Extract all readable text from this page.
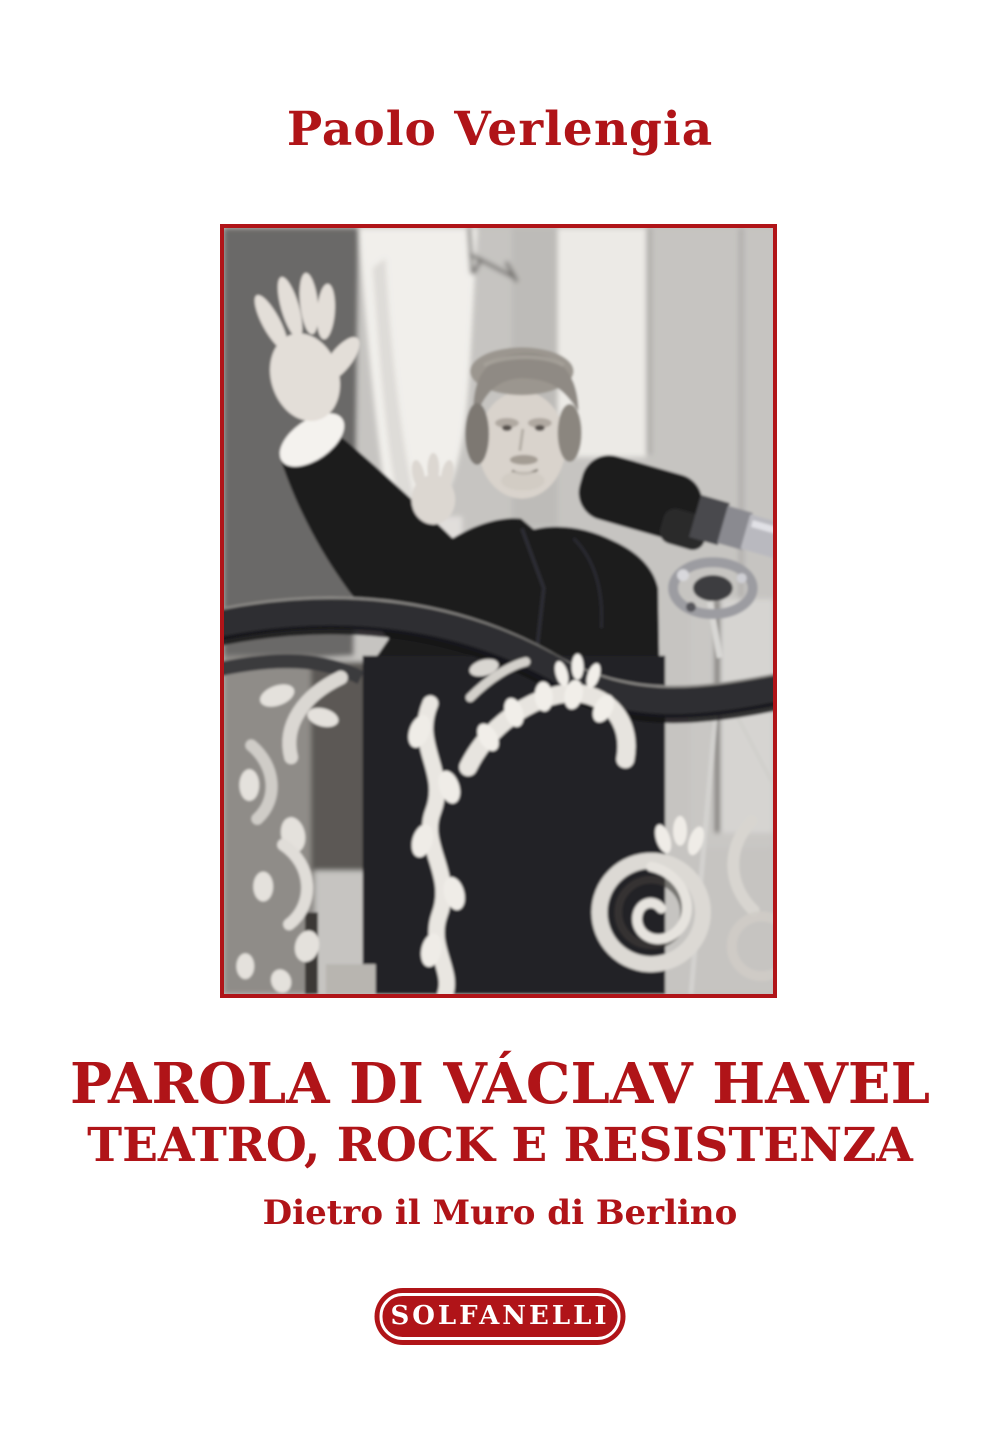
Paolo Verlengia
PAROLA DI VÁCLAV HAVEL
TEATRO, ROCK E RESISTENZA
Dietro il Muro di Berlino
SOLFANELLI
